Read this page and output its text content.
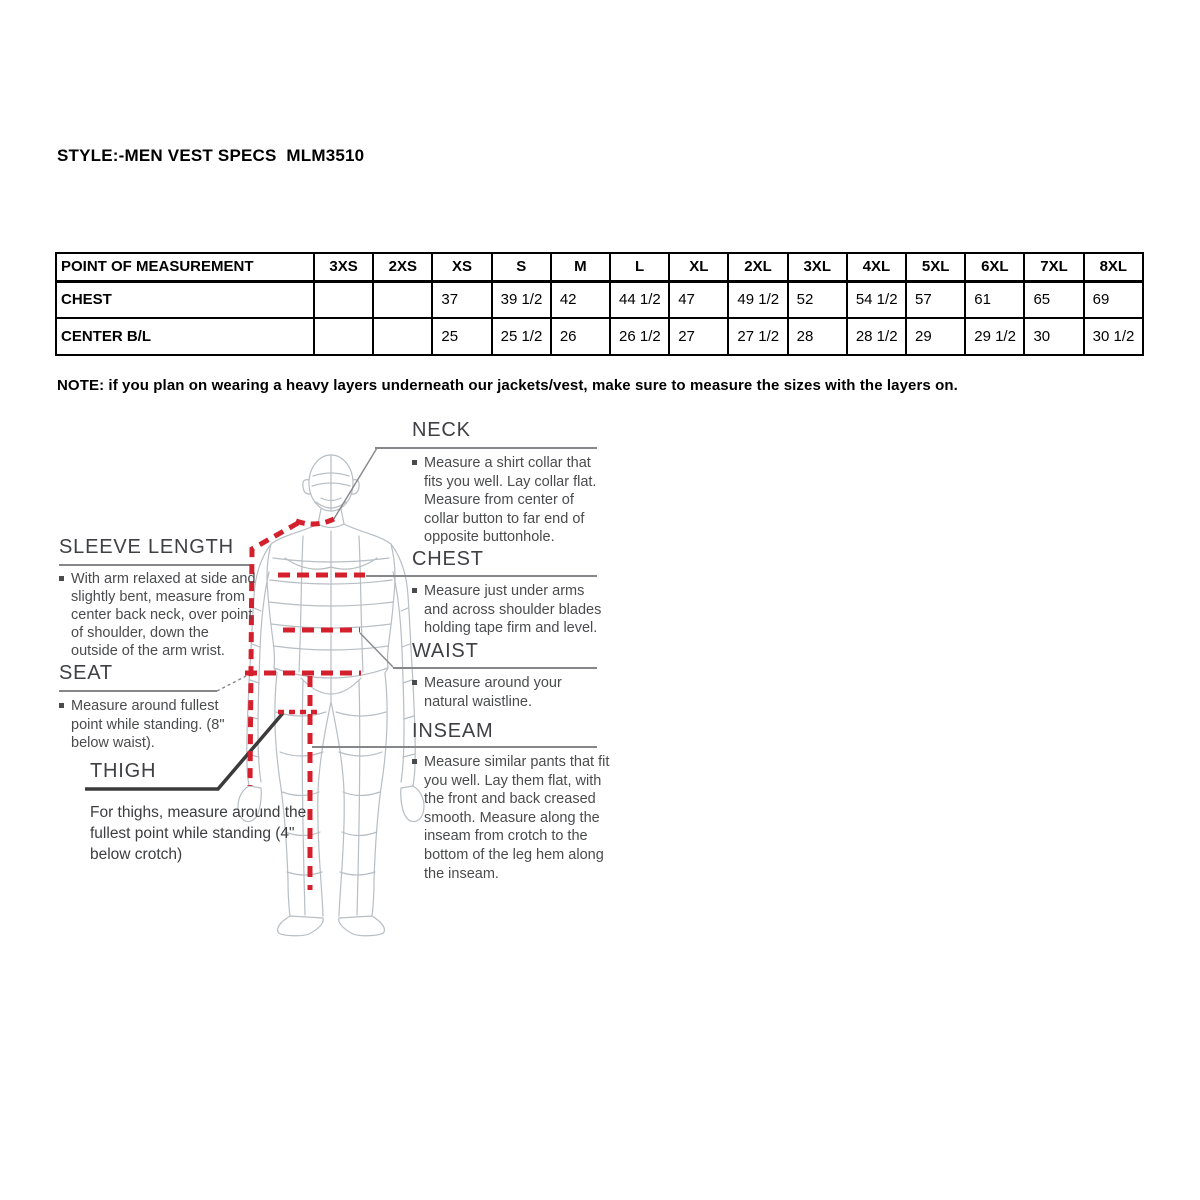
STYLE:-MEN VEST SPECS  MLM3510
POINT OF MEASUREMENT	3XS	2XS	XS	S	M	L	XL	2XL	3XL	4XL	5XL	6XL	7XL	8XL
CHEST			37	39 1/2	42	44 1/2	47	49 1/2	52	54 1/2	57	61	65	69
CENTER B/L			25	25 1/2	26	26 1/2	27	27 1/2	28	28 1/2	29	29 1/2	30	30 1/2
NOTE: if you plan on wearing a heavy layers underneath our jackets/vest, make sure to measure the sizes with the layers on.
SLEEVE LENGTH
With arm relaxed at side and slightly bent, measure from center back neck, over point of shoulder, down the outside of the arm wrist.
SEAT
Measure around fullest point while standing. (8" below waist).
THIGH
For thighs, measure around the fullest point while standing (4" below crotch)
NECK
Measure a shirt collar that fits you well. Lay collar flat. Measure from center of collar button to far end of opposite buttonhole.
CHEST
Measure just under arms and across shoulder blades holding tape firm and level.
WAIST
Measure around your natural waistline.
INSEAM
Measure similar pants that fit you well. Lay them flat, with the front and back creased smooth. Measure along the inseam from crotch to the bottom of the leg hem along the inseam.
